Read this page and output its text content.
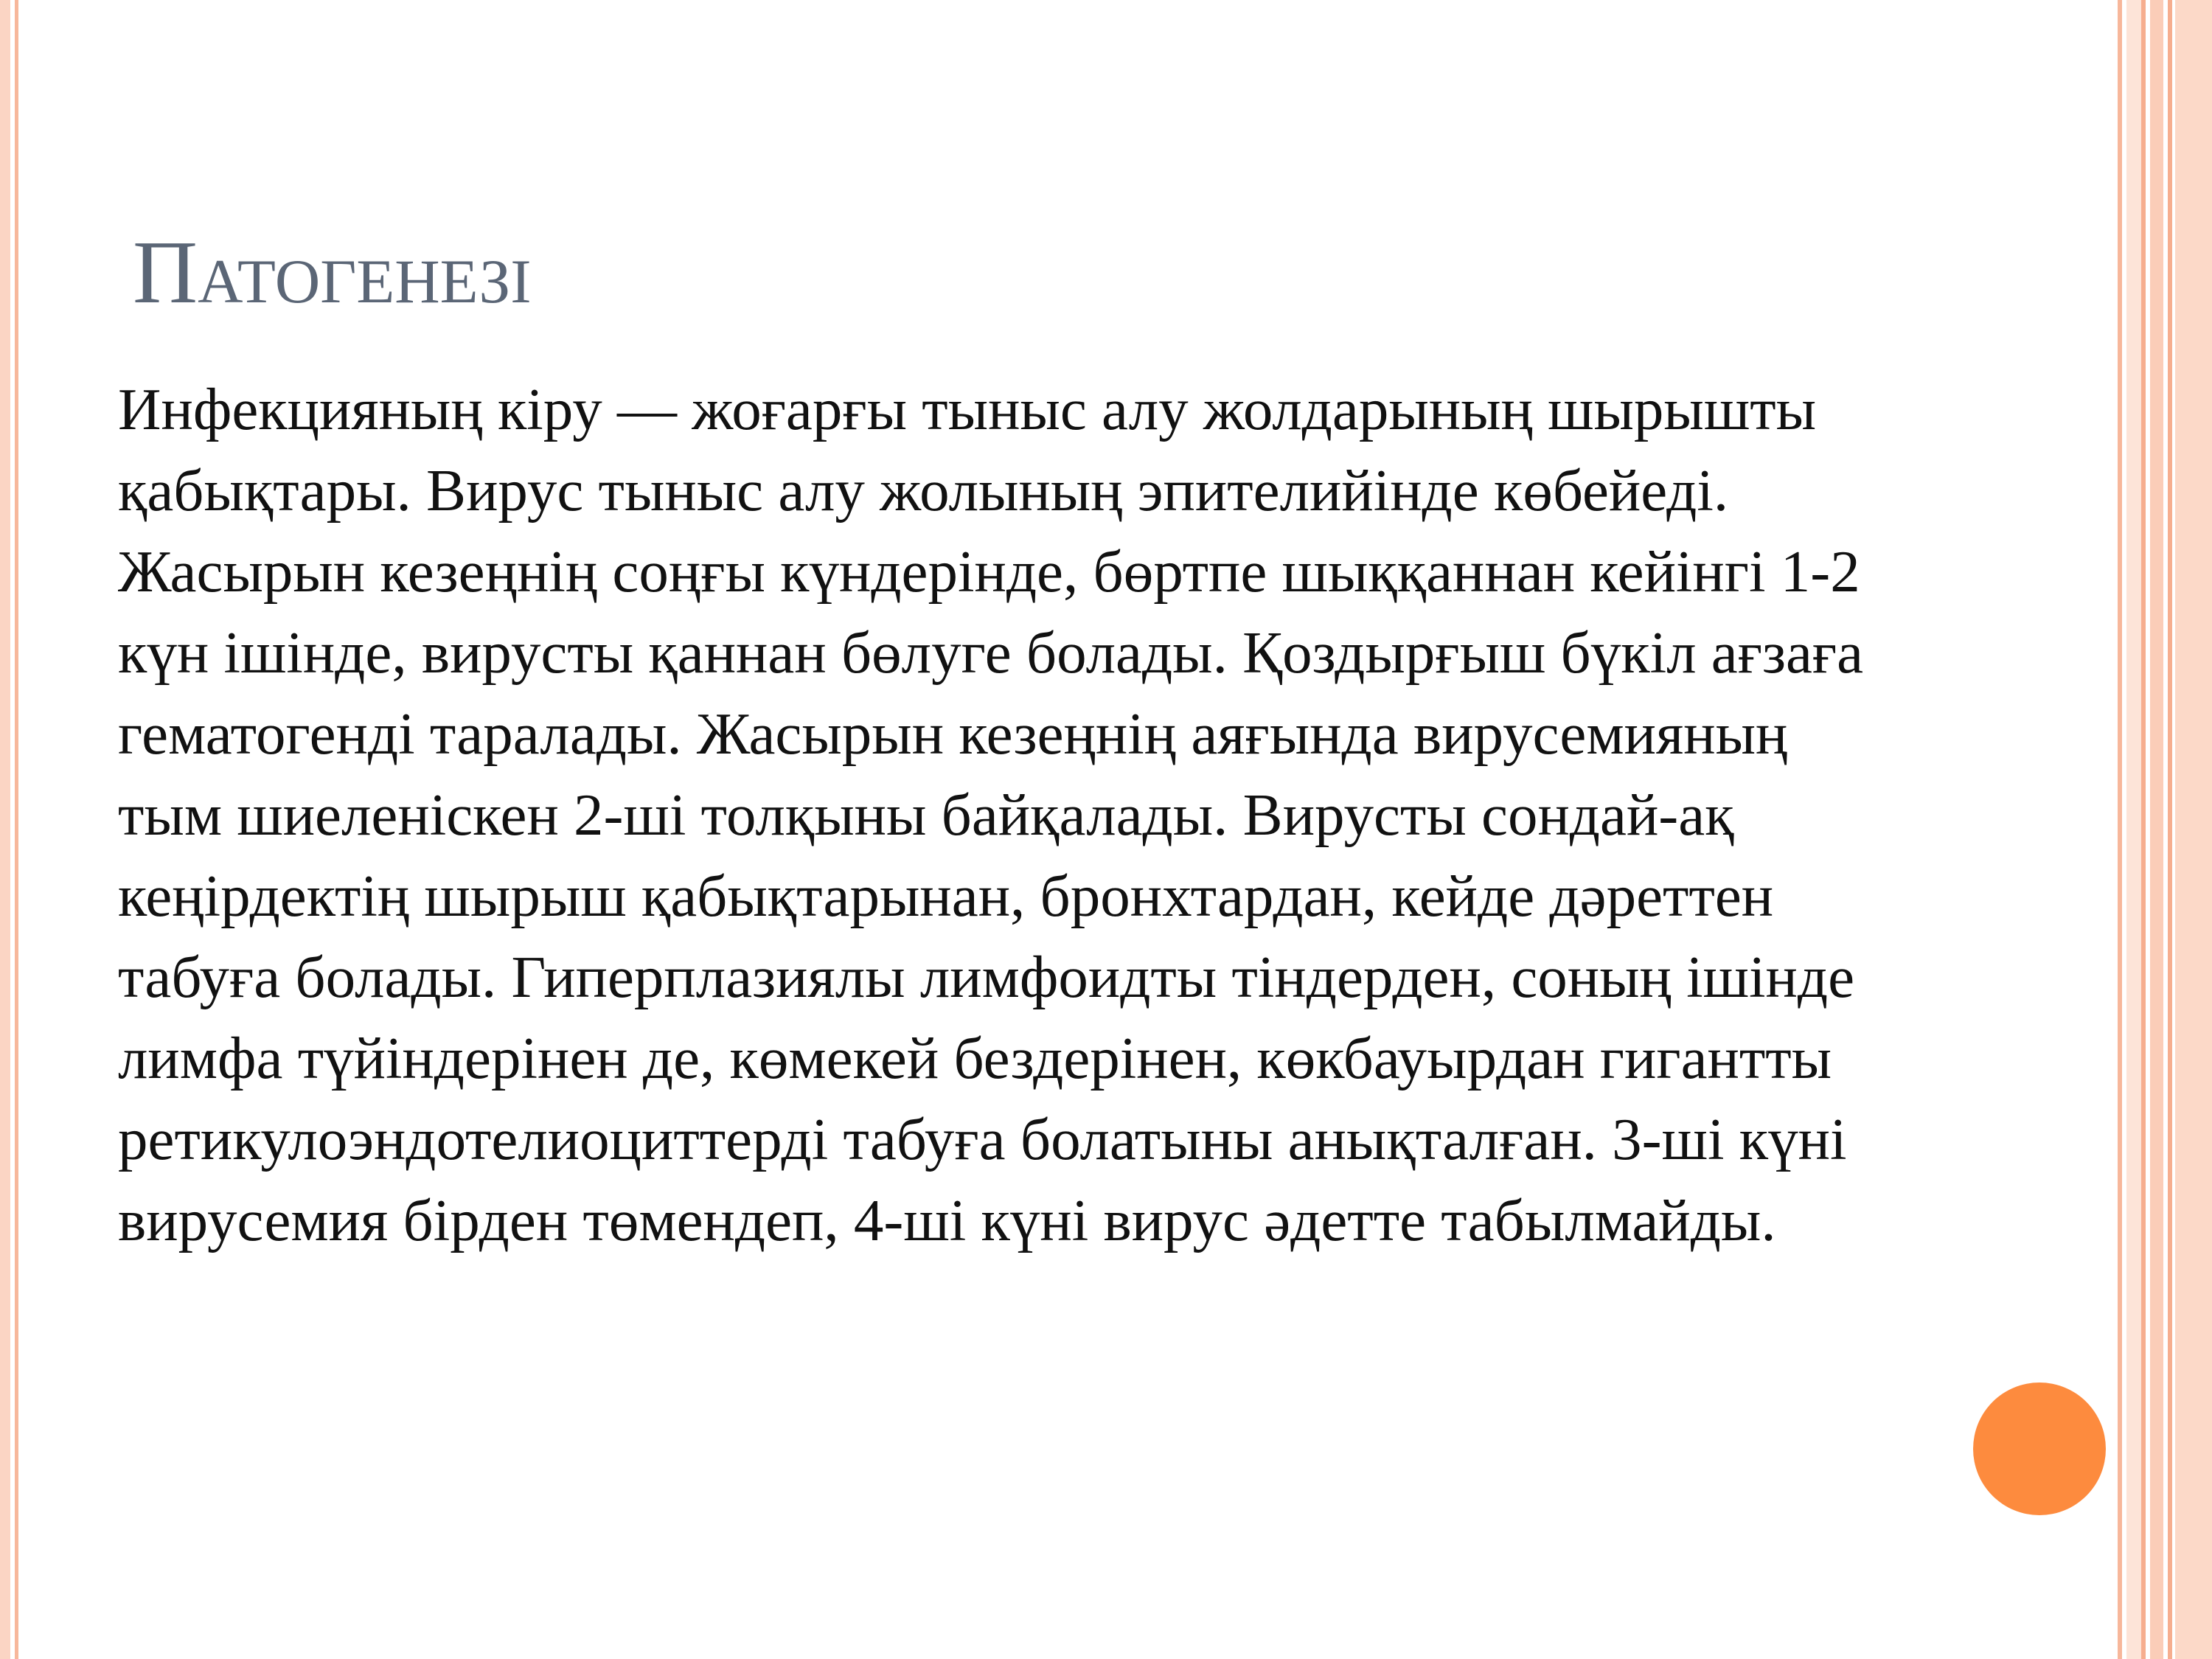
Патогенезі
Инфекцияның кіру — жоғарғы тыныс алу жолдарының шырышты
қабықтары. Вирус тыныс алу жолының эпителийінде көбейеді.
Жасырын кезеңнің соңғы күндерінде, бөртпе шыққаннан кейінгі 1-2
күн ішінде, вирусты қаннан бөлуге болады. Қоздырғыш бүкіл ағзаға
гематогенді таралады. Жасырын кезеңнің аяғында вирусемияның
тым шиеленіскен 2-ші толқыны байқалады. Вирусты сондай-ақ
кеңірдектің шырыш қабықтарынан, бронхтардан, кейде дәреттен
табуға болады. Гиперплазиялы лимфоидты тіндерден, соның ішінде
лимфа түйіндерінен де, көмекей бездерінен, көкбауырдан гигантты
ретикулоэндотелиоциттерді табуға болатыны анықталған. 3-ші күні
вирусемия бірден төмендеп, 4-ші күні вирус әдетте табылмайды.
